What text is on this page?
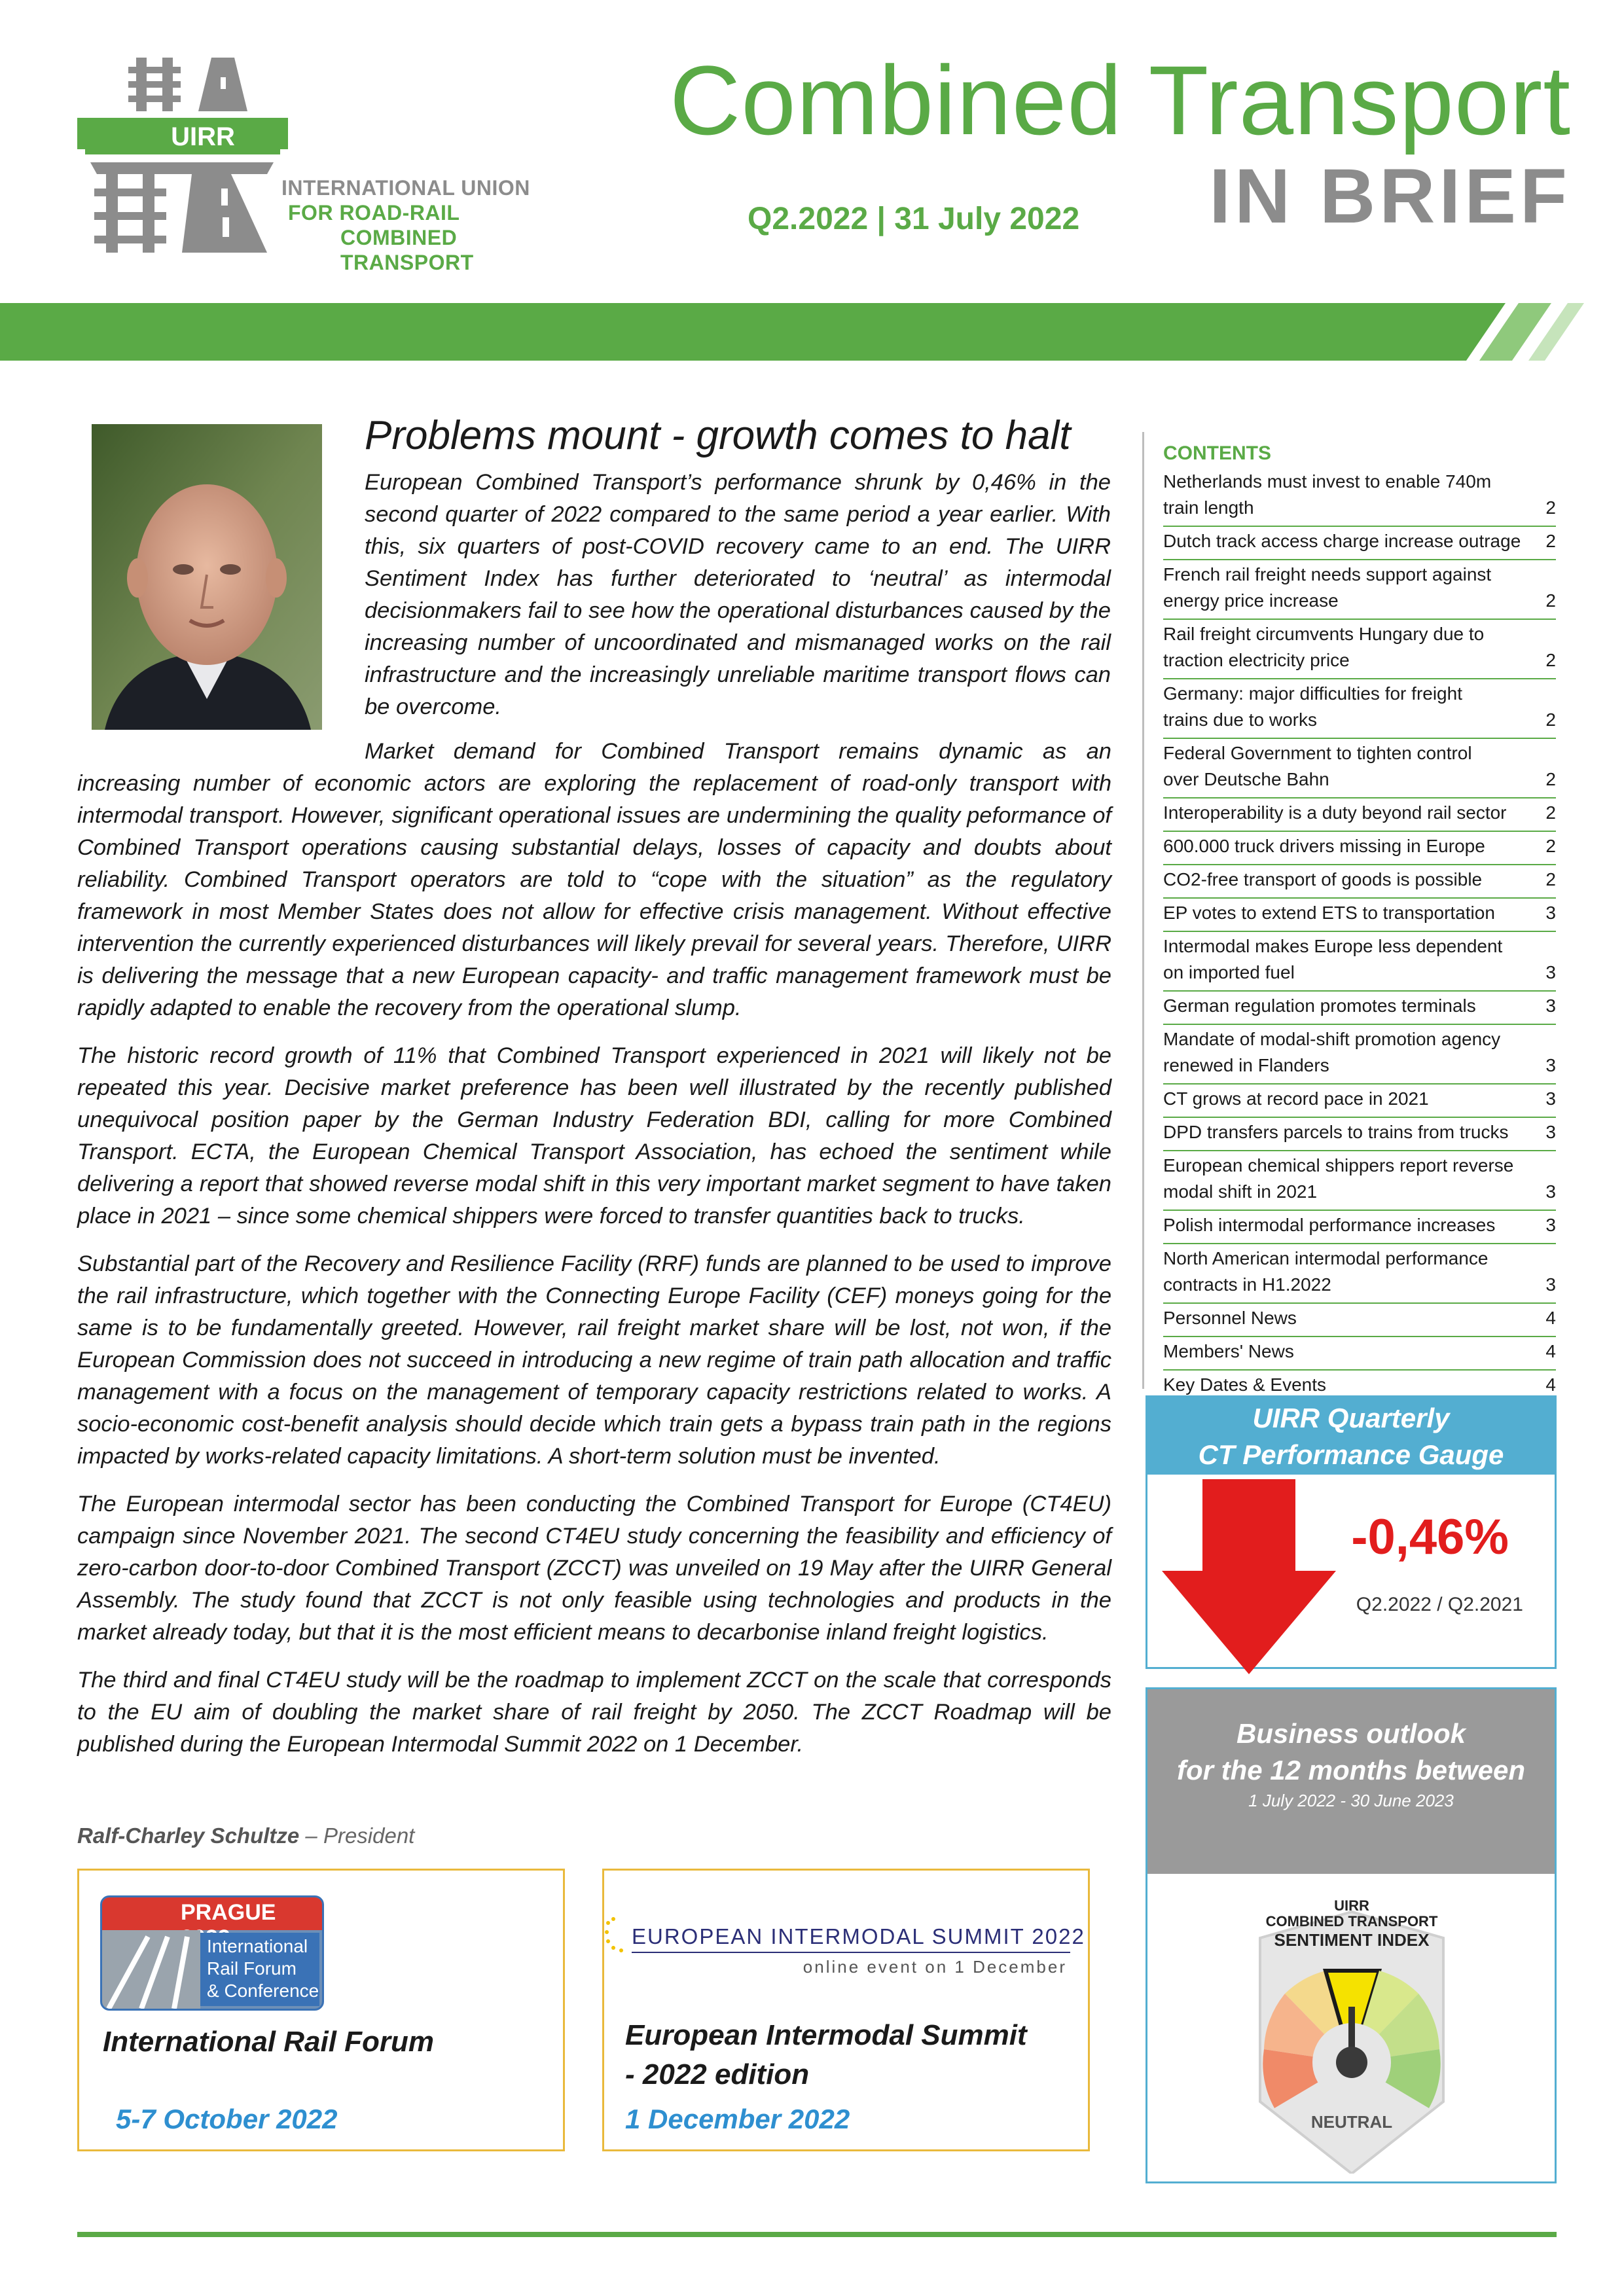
UIRR
INTERNATIONAL UNION
FOR ROAD-RAIL
COMBINED TRANSPORT
Combined Transport
IN BRIEF
Q2.2022 | 31 July 2022
Problems mount - growth comes to halt

European Combined Transport’s performance shrunk by 0,46% in the second quarter of 2022 compared to the same period a year earlier. With this, six quarters of post-COVID recovery came to an end. The UIRR Sentiment Index has further deteriorated to ‘neutral’ as intermodal decisionmakers fail to see how the operational disturbances caused by the increasing number of uncoordinated and mismanaged works on the rail infrastructure and the increasingly unreliable maritime transport flows can be overcome.

Market demand for Combined Transport remains dynamic as an increasing number of economic actors are exploring the replacement of road-only transport with intermodal transport. However, significant operational issues are undermining the quality peformance of Combined Transport operations causing substantial delays, losses of capacity and doubts about reliability. Combined Transport operators are told to “cope with the situation” as the regulatory framework in most Member States does not allow for effective crisis management. Without effective intervention the currently experienced disturbances will likely prevail for several years. Therefore, UIRR is delivering the message that a new European capacity- and traffic management framework must be rapidly adapted to enable the recovery from the operational slump.

The historic record growth of 11% that Combined Transport experienced in 2021 will likely not be repeated this year. Decisive market preference has been well illustrated by the recently published unequivocal position paper by the German Industry Federation BDI, calling for more Combined Transport. ECTA, the European Chemical Transport Association, has echoed the sentiment while delivering a report that showed reverse modal shift in this very important market segment to have taken place in 2021 – since some chemical shippers were forced to transfer quantities back to trucks.

Substantial part of the Recovery and Resilience Facility (RRF) funds are planned to be used to improve the rail infrastructure, which together with the Connecting Europe Facility (CEF) moneys going for the same is to be fundamentally greeted. However, rail freight market share will be lost, not won, if the European Commission does not succeed in introducing a new regime of train path allocation and traffic management with a focus on the management of temporary capacity restrictions related to works. A socio-economic cost-benefit analysis should decide which train gets a bypass train path in the regions impacted by works-related capacity limitations. A short-term solution must be invented.

The European intermodal sector has been conducting the Combined Transport for Europe (CT4EU) campaign since November 2021. The second CT4EU study concerning the feasibility and efficiency of zero-carbon door-to-door Combined Transport (ZCCT) was unveiled on 19 May after the UIRR General Assembly. The study found that ZCCT is not only feasible using technologies and products in the market already today, but that it is the most efficient means to decarbonise inland freight logistics.

The third and final CT4EU study will be the roadmap to implement ZCCT on the scale that corresponds to the EU aim of doubling the market share of rail freight by 2050. The ZCCT Roadmap will be published during the European Intermodal Summit 2022 on 1 December.

Ralf-Charley Schultze – President
PRAGUE
International
Rail Forum
& Conference
International Rail Forum
5-7 October 2022
EUROPEAN INTERMODAL SUMMIT 2022
online event on 1 December
European Intermodal Summit
- 2022 edition
1 December 2022
CONTENTS
Netherlands must invest to enable 740m
train length	2
Dutch track access charge increase outrage	2
French rail freight needs support against
energy price increase	2
Rail freight circumvents Hungary due to
traction electricity price	2
Germany: major difficulties for freight
trains due to works	2
Federal Government to tighten control
over Deutsche Bahn	2
Interoperability is a duty beyond rail sector	2
600.000 truck drivers missing in Europe	2
CO2-free transport of goods is possible	2
EP votes to extend ETS to transportation	3
Intermodal makes Europe less dependent
on imported fuel	3
German regulation promotes terminals	3
Mandate of modal-shift promotion agency
renewed in Flanders	3
CT grows at record pace in 2021	3
DPD transfers parcels to trains from trucks	3
European chemical shippers report reverse
modal shift in 2021	3
Polish intermodal performance increases	3
North American intermodal performance
contracts in H1.2022	3
Personnel News	4
Members' News	4
Key Dates & Events	4
UIRR Quarterly
CT Performance Gauge
-0,46%
Q2.2022 / Q2.2021
Business outlook
for the 12 months between
1 July 2022 - 30 June 2023
UIRR
COMBINED TRANSPORT
SENTIMENT INDEX
NEUTRAL
